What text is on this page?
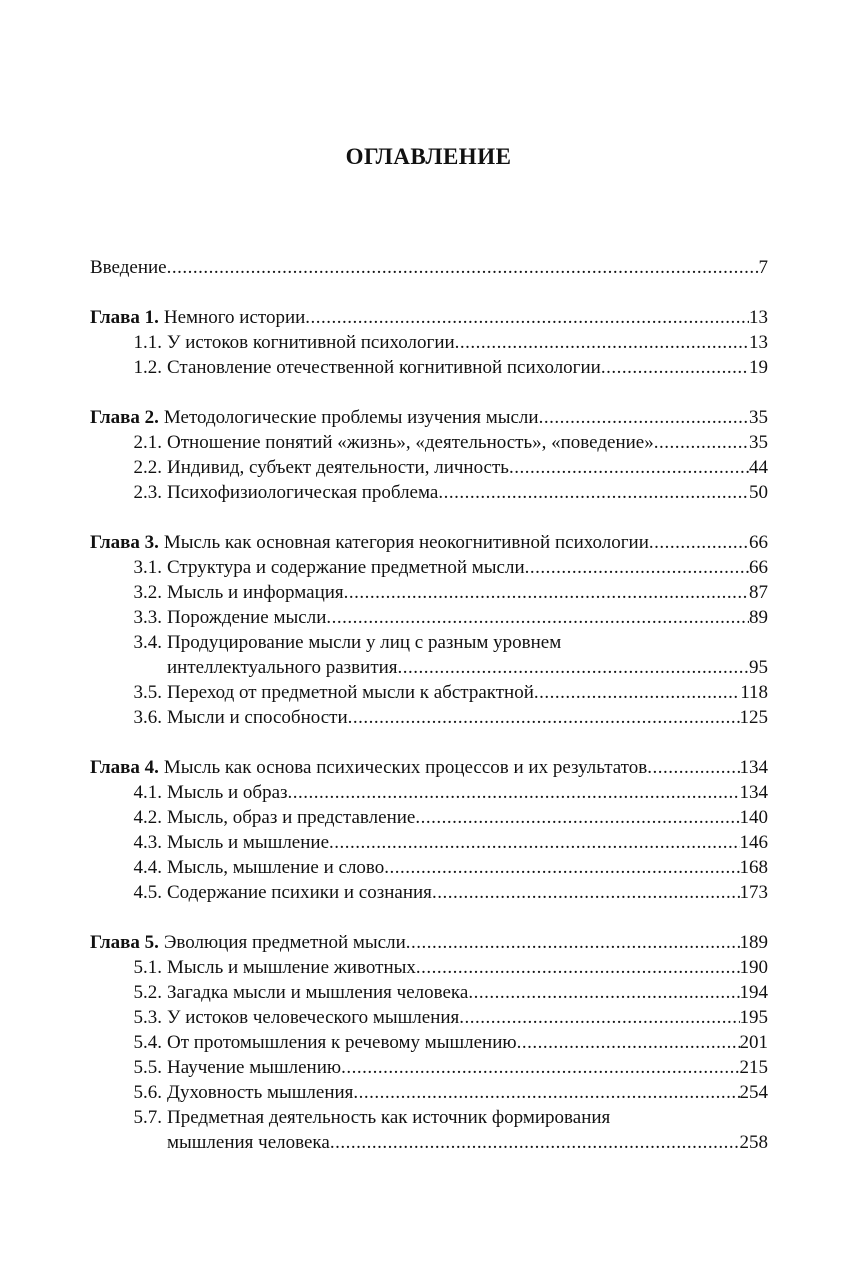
ОГЛАВЛЕНИЕ
Введение .....	7
Глава 1. Немного истории .....	13
1.1. У истоков когнитивной психологии .....	13
1.2. Становление отечественной когнитивной психологии .....	19
Глава 2. Методологические проблемы изучения мысли .....	35
2.1. Отношение понятий «жизнь», «деятельность», «поведение» .....	35
2.2. Индивид, субъект деятельности, личность .....	44
2.3. Психофизиологическая проблема .....	50
Глава 3. Мысль как основная категория неокогнитивной психологии .....	66
3.1. Структура и содержание предметной мысли .....	66
3.2. Мысль и информация .....	87
3.3. Порождение мысли .....	89
3.4. Продуцирование мысли у лиц с разным уровнем
интеллектуального развития .....	95
3.5. Переход от предметной мысли к абстрактной .....	118
3.6. Мысли и способности .....	125
Глава 4. Мысль как основа психических процессов и их результатов .....	134
4.1. Мысль и образ .....	134
4.2. Мысль, образ и представление .....	140
4.3. Мысль и мышление .....	146
4.4. Мысль, мышление и слово .....	168
4.5. Содержание психики и сознания .....	173
Глава 5. Эволюция предметной мысли .....	189
5.1. Мысль и мышление животных .....	190
5.2. Загадка мысли и мышления человека .....	194
5.3. У истоков человеческого мышления .....	195
5.4. От протомышления к речевому мышлению .....	201
5.5. Научение мышлению .....	215
5.6. Духовность мышления .....	254
5.7. Предметная деятельность как источник формирования
мышления человека .....	258
